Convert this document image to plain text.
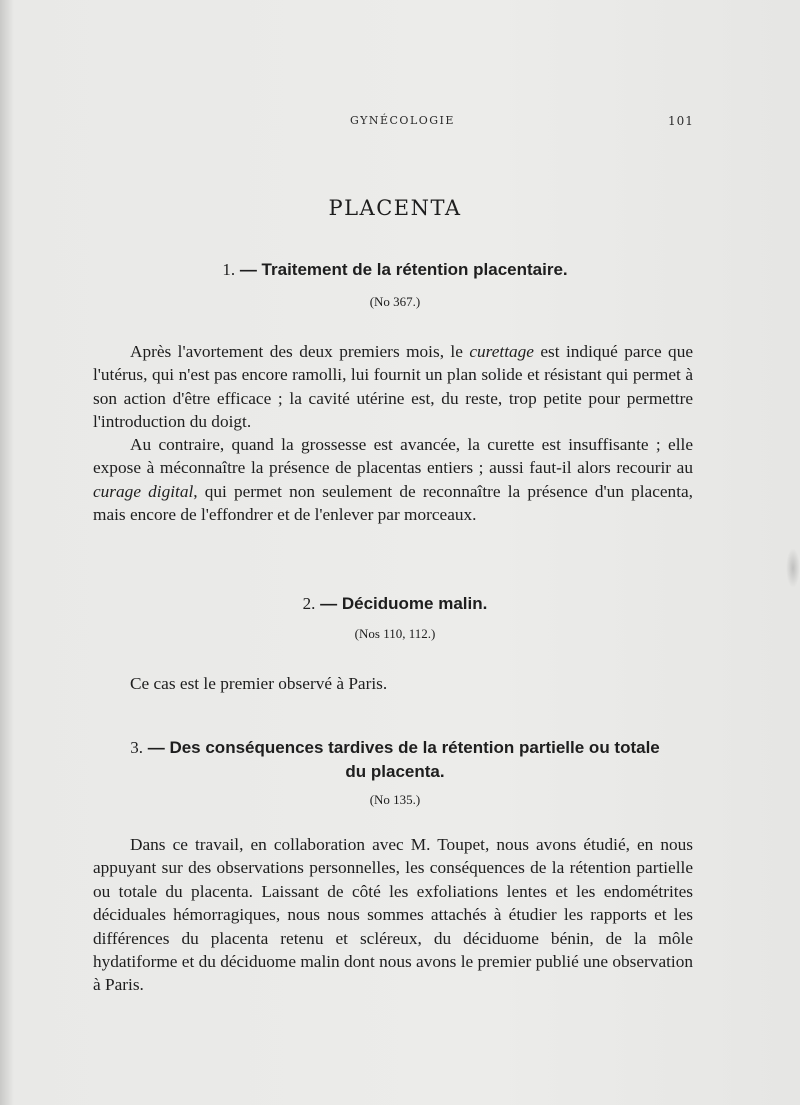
GYNÉCOLOGIE	101
PLACENTA
1. — Traitement de la rétention placentaire.
(No 367.)

Après l'avortement des deux premiers mois, le curettage est indiqué parce que l'utérus, qui n'est pas encore ramolli, lui fournit un plan solide et résistant qui permet à son action d'être efficace ; la cavité utérine est, du reste, trop petite pour permettre l'introduction du doigt.

Au contraire, quand la grossesse est avancée, la curette est insuffisante ; elle expose à méconnaître la présence de placentas entiers ; aussi faut-il alors recourir au curage digital, qui permet non seulement de reconnaître la présence d'un placenta, mais encore de l'effondrer et de l'enlever par morceaux.

2. — Déciduome malin.
(Nos 110, 112.)

Ce cas est le premier observé à Paris.

3. — Des conséquences tardives de la rétention partielle ou totale
du placenta.
(No 135.)

Dans ce travail, en collaboration avec M. Toupet, nous avons étudié, en nous appuyant sur des observations personnelles, les conséquences de la rétention partielle ou totale du placenta. Laissant de côté les exfoliations lentes et les endométrites déciduales hémorragiques, nous nous sommes attachés à étudier les rapports et les différences du placenta retenu et scléreux, du déciduome bénin, de la môle hydatiforme et du déciduome malin dont nous avons le premier publié une observation à Paris.
